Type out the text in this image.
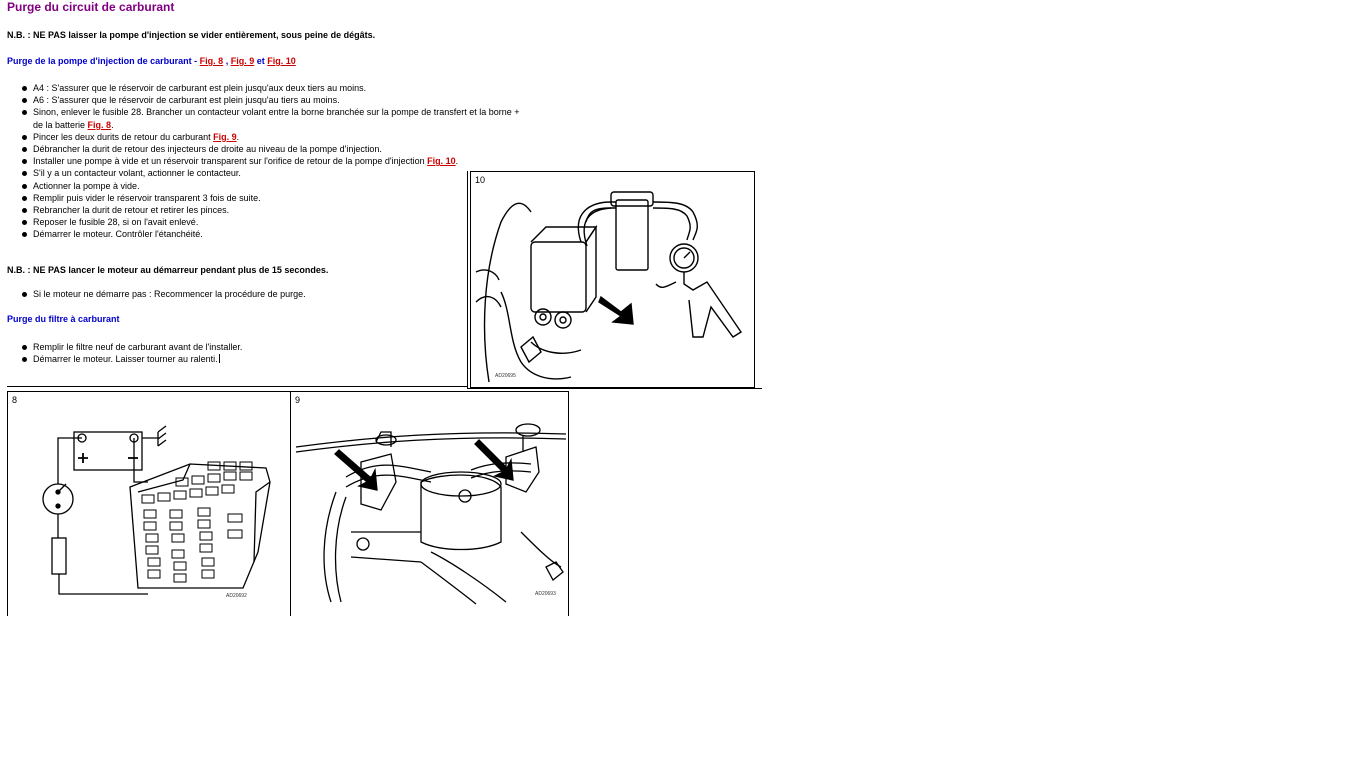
Purge du circuit de carburant
N.B. : NE PAS laisser la pompe d'injection se vider entièrement, sous peine de dégâts.
Purge de la pompe d'injection de carburant - Fig. 8 , Fig. 9 et Fig. 10
A4 : S'assurer que le réservoir de carburant est plein jusqu'aux deux tiers au moins.
A6 : S'assurer que le réservoir de carburant est plein jusqu'au tiers au moins.
Sinon, enlever le fusible 28. Brancher un contacteur volant entre la borne branchée sur la pompe de transfert et la borne +
de la batterie Fig. 8.
Pincer les deux durits de retour du carburant Fig. 9.
Débrancher la durit de retour des injecteurs de droite au niveau de la pompe d'injection.
Installer une pompe à vide et un réservoir transparent sur l'orifice de retour de la pompe d'injection Fig. 10.
S'il y a un contacteur volant, actionner le contacteur.
Actionner la pompe à vide.
Remplir puis vider le réservoir transparent 3 fois de suite.
Rebrancher la durit de retour et retirer les pinces.
Reposer le fusible 28, si on l'avait enlevé.
Démarrer le moteur. Contrôler l'étanchéité.
N.B. : NE PAS lancer le moteur au démarreur pendant plus de 15 secondes.
Si le moteur ne démarre pas : Recommencer la procédure de purge.
Purge du filtre à carburant
Remplir le filtre neuf de carburant avant de l'installer.
Démarrer le moteur. Laisser tourner au ralenti.
10
AD20695
8
AD20692
9
AD20693
